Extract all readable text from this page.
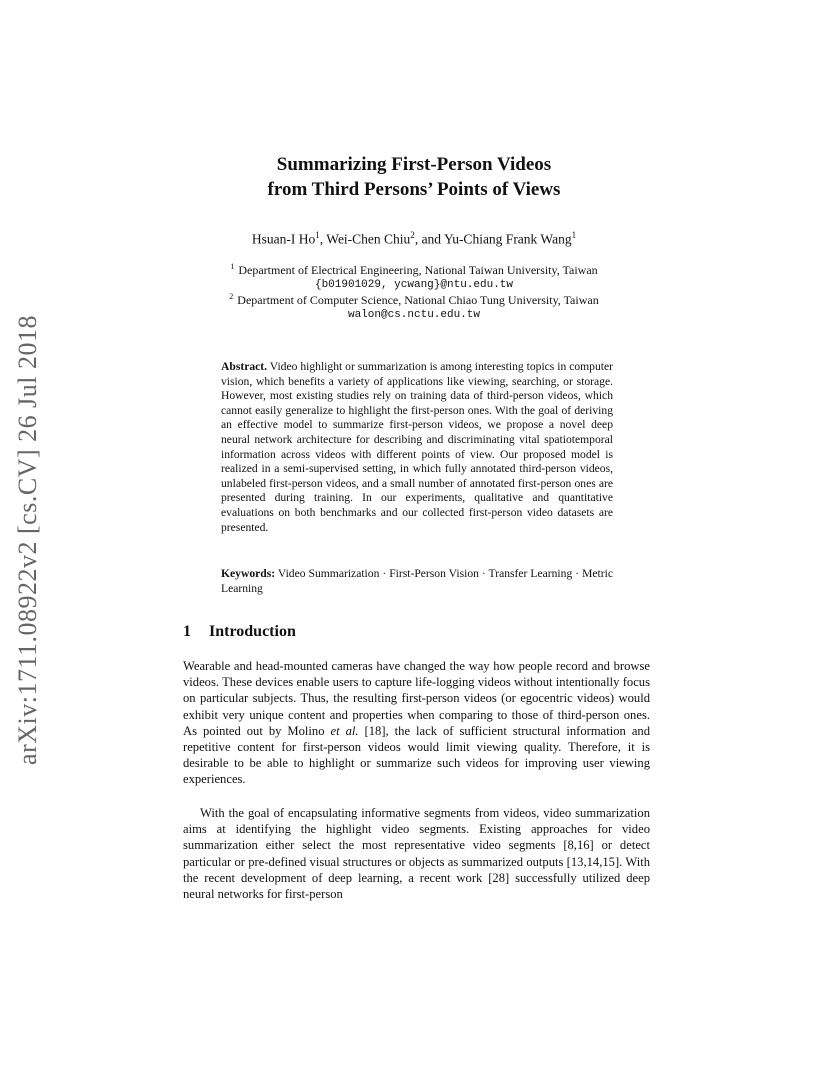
arXiv:1711.08922v2 [cs.CV] 26 Jul 2018
Summarizing First-Person Videos
from Third Persons’ Points of Views
Hsuan-I Ho$^1$, Wei-Chen Chiu$^2$, and Yu-Chiang Frank Wang$^1$
$^1$ Department of Electrical Engineering, National Taiwan University, Taiwan
{b01901029, ycwang}@ntu.edu.tw
$^2$ Department of Computer Science, National Chiao Tung University, Taiwan
walon@cs.nctu.edu.tw
Abstract. Video highlight or summarization is among interesting topics in computer vision, which benefits a variety of applications like viewing, searching, or storage. However, most existing studies rely on training data of third-person videos, which cannot easily generalize to highlight the first-person ones. With the goal of deriving an effective model to summarize first-person videos, we propose a novel deep neural network architecture for describing and discriminating vital spatiotemporal information across videos with different points of view. Our proposed model is realized in a semi-supervised setting, in which fully annotated third-person videos, unlabeled first-person videos, and a small number of annotated first-person ones are presented during training. In our experiments, qualitative and quantitative evaluations on both benchmarks and our collected first-person video datasets are presented.
Keywords: Video Summarization · First-Person Vision · Transfer Learning · Metric Learning
1 Introduction
Wearable and head-mounted cameras have changed the way how people record and browse videos. These devices enable users to capture life-logging videos without intentionally focus on particular subjects. Thus, the resulting first-person videos (or egocentric videos) would exhibit very unique content and properties when comparing to those of third-person ones. As pointed out by Molino et al. [18], the lack of sufficient structural information and repetitive content for first-person videos would limit viewing quality. Therefore, it is desirable to be able to highlight or summarize such videos for improving user viewing experiences.
With the goal of encapsulating informative segments from videos, video summarization aims at identifying the highlight video segments. Existing approaches for video summarization either select the most representative video segments [8,16] or detect particular or pre-defined visual structures or objects as summarized outputs [13,14,15]. With the recent development of deep learning, a recent work [28] successfully utilized deep neural networks for first-person
